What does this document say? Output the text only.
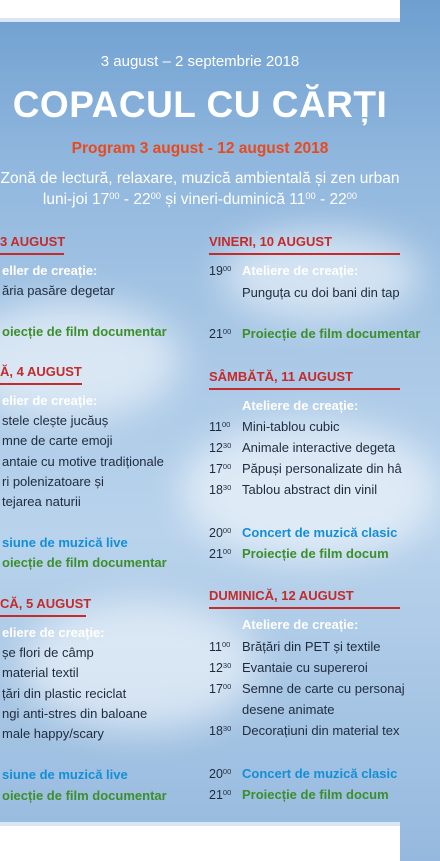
3 august – 2 septembrie 2018
COPACUL CU CĂRȚI
Program 3 august - 12 august 2018
Zonă de lectură, relaxare, muzică ambientală și zen urban
luni-joi $17^{00} - 22^{00}$ și vineri-duminică $11^{00} - 22^{00}$
3 AUGUST
eller de creație:
ăria pasăre degetar
oiecție de film documentar
Ă, 4 AUGUST
elier de creație:
stele clește jucăuș
mne de carte emoji
antaie cu motive tradiționale
ri polenizatoare și
tejarea naturii
siune de muzică live
oiecție de film documentar
CĂ, 5 AUGUST
eliere de creație:
șe flori de câmp
material textil
țări din plastic reciclat
ngi anti-stres din baloane
male happy/scary
siune de muzică live
oiecție de film documentar
VINERI, 10 AUGUST
$19^{00}$ Ateliere de creație:
Punguța cu doi bani din tap
$21^{00}$ Proiecție de film documentar
SÂMBĂTĂ, 11 AUGUST
Ateliere de creație:
$11^{00}$ Mini-tablou cubic
$12^{30}$ Animale interactive degeta
$17^{00}$ Păpuși personalizate din hâ
$18^{30}$ Tablou abstract din vinil
$20^{00}$ Concert de muzică clasic
$21^{00}$ Proiecție de film docum
DUMINICĂ, 12 AUGUST
Ateliere de creație:
$11^{00}$ Brățări din PET și textile
$12^{30}$ Evantaie cu supereroi
$17^{00}$ Semne de carte cu personaj
desene animate
$18^{30}$ Decorațiuni din material tex
$20^{00}$ Concert de muzică clasic
$21^{00}$ Proiecție de film docum
